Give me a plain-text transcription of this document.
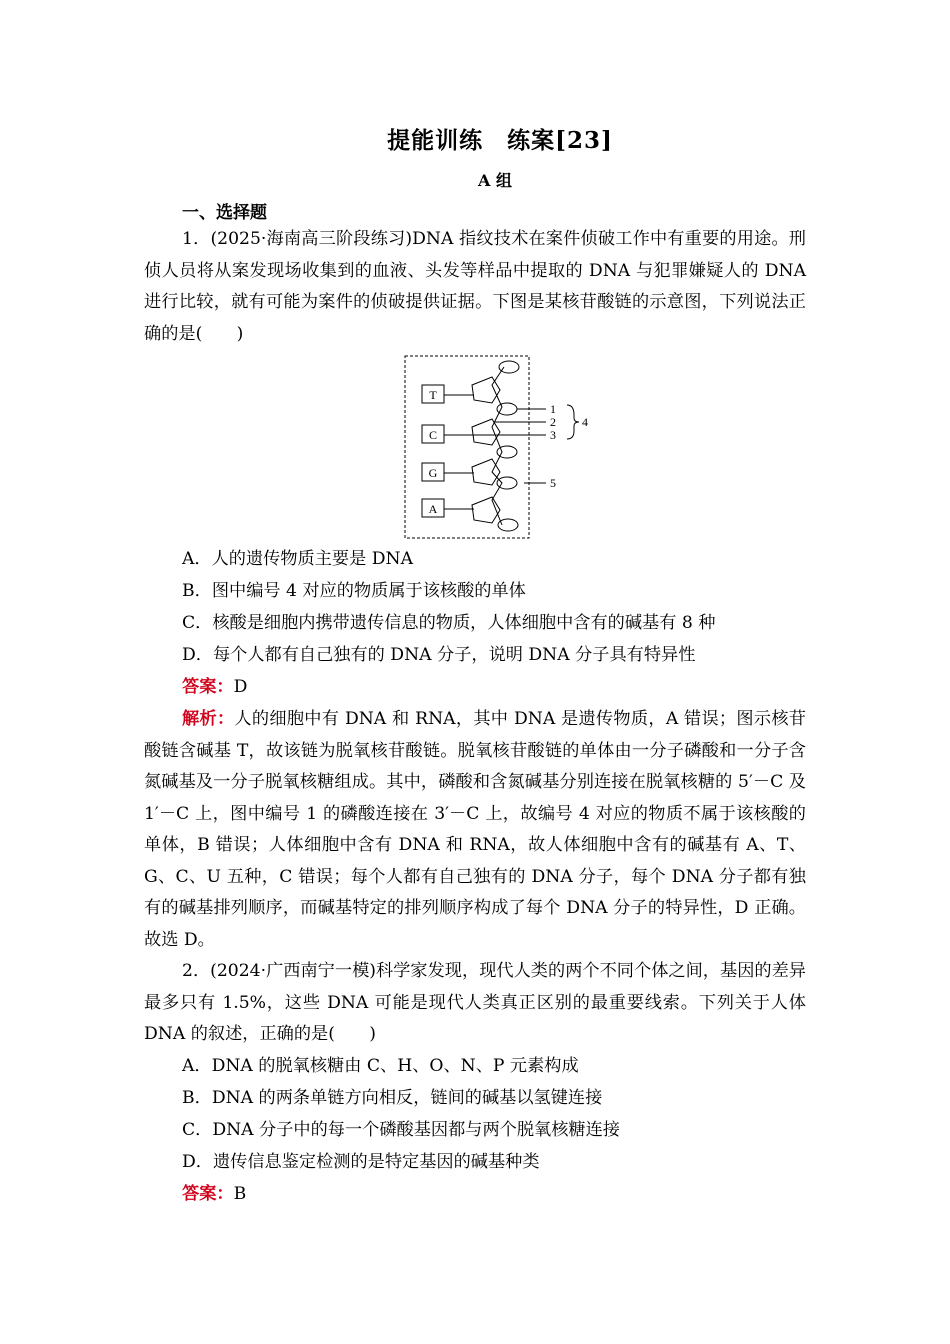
提能训练　练案[23]
A 组
一、选择题

1．(2025·海南高三阶段练习)DNA 指纹技术在案件侦破工作中有重要的用途。刑侦人员将从案发现场收集到的血液、头发等样品中提取的 DNA 与犯罪嫌疑人的 DNA 进行比较，就有可能为案件的侦破提供证据。下图是某核苷酸链的示意图，下列说法正确的是(　　)

T
C
G
A
1
2
3
4
5

A．人的遗传物质主要是 DNA

B．图中编号 4 对应的物质属于该核酸的单体

C．核酸是细胞内携带遗传信息的物质，人体细胞中含有的碱基有 8 种

D．每个人都有自己独有的 DNA 分子，说明 DNA 分子具有特异性

答案：D

解析：人的细胞中有 DNA 和 RNA，其中 DNA 是遗传物质，A 错误；图示核苷酸链含碱基 T，故该链为脱氧核苷酸链。脱氧核苷酸链的单体由一分子磷酸和一分子含氮碱基及一分子脱氧核糖组成。其中，磷酸和含氮碱基分别连接在脱氧核糖的 5′－C 及 1′－C 上，图中编号 1 的磷酸连接在 3′－C 上，故编号 4 对应的物质不属于该核酸的单体，B 错误；人体细胞中含有 DNA 和 RNA，故人体细胞中含有的碱基有 A、T、G、C、U 五种，C 错误；每个人都有自己独有的 DNA 分子，每个 DNA 分子都有独有的碱基排列顺序，而碱基特定的排列顺序构成了每个 DNA 分子的特异性，D 正确。故选 D。

2．(2024·广西南宁一模)科学家发现，现代人类的两个不同个体之间，基因的差异最多只有 1.5%，这些 DNA 可能是现代人类真正区别的最重要线索。下列关于人体 DNA 的叙述，正确的是(　　)

A．DNA 的脱氧核糖由 C、H、O、N、P 元素构成

B．DNA 的两条单链方向相反，链间的碱基以氢键连接

C．DNA 分子中的每一个磷酸基因都与两个脱氧核糖连接

D．遗传信息鉴定检测的是特定基因的碱基种类

答案：B
